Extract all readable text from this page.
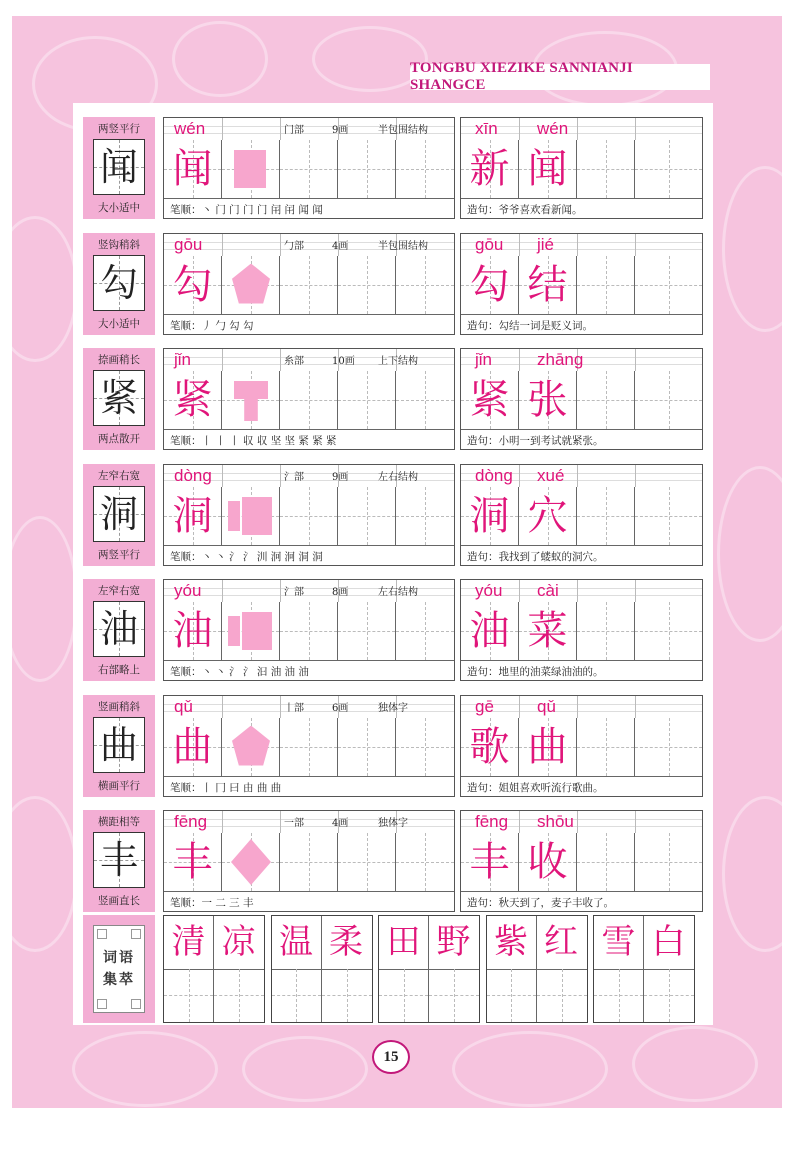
TONGBU XIEZIKE SANNIANJI SHANGCE
两竖平行
闻
大小适中
wén	门部	9画	半包围结构
闻
笔顺：丶 门 门 门 门 闬 闬 闻 闻
xīn wén
新 闻
造句：爷爷喜欢看新闻。
竖钩稍斜
勾
大小适中
gōu	勹部	4画	半包围结构
勾
笔顺：丿 勹 勾 勾
gōu jié
勾 结
造句：勾结一词是贬义词。
捺画稍长
紧
两点散开
jǐn	糸部	10画 上下结构
紧
笔顺：丨 丨 丨 収 収 坚 坚 紧 紧 紧
jǐn	zhāng
紧 张
造句：小明一到考试就紧张。
左窄右宽
洞
两竖平行
dòng	氵部	9画	左右结构
洞
笔顺：丶 丶 氵 氵 汌 泂 泂 洞 洞
dòng xué
洞 穴
造句：我找到了蝼蚁的洞穴。
左窄右宽
油
右部略上
yóu	氵部	8画	左右结构
油
笔顺：丶 丶 氵 氵 汩 油 油 油
yóu cài
油 菜
造句：地里的油菜绿油油的。
竖画稍斜
曲
横画平行
qǔ	丨部	6画	独体字
曲
笔顺：丨 冂 曰 由 曲 曲
gē	qǔ
歌 曲
造句：姐姐喜欢听流行歌曲。
横距相等
丰
竖画直长
fēng	一部	4画	独体字
丰
笔顺：一 二 三 丰
fēng shōu
丰 收
造句：秋天到了，麦子丰收了。
词语
集萃
清 凉 温 柔 田 野 紫 红 雪 白
15
